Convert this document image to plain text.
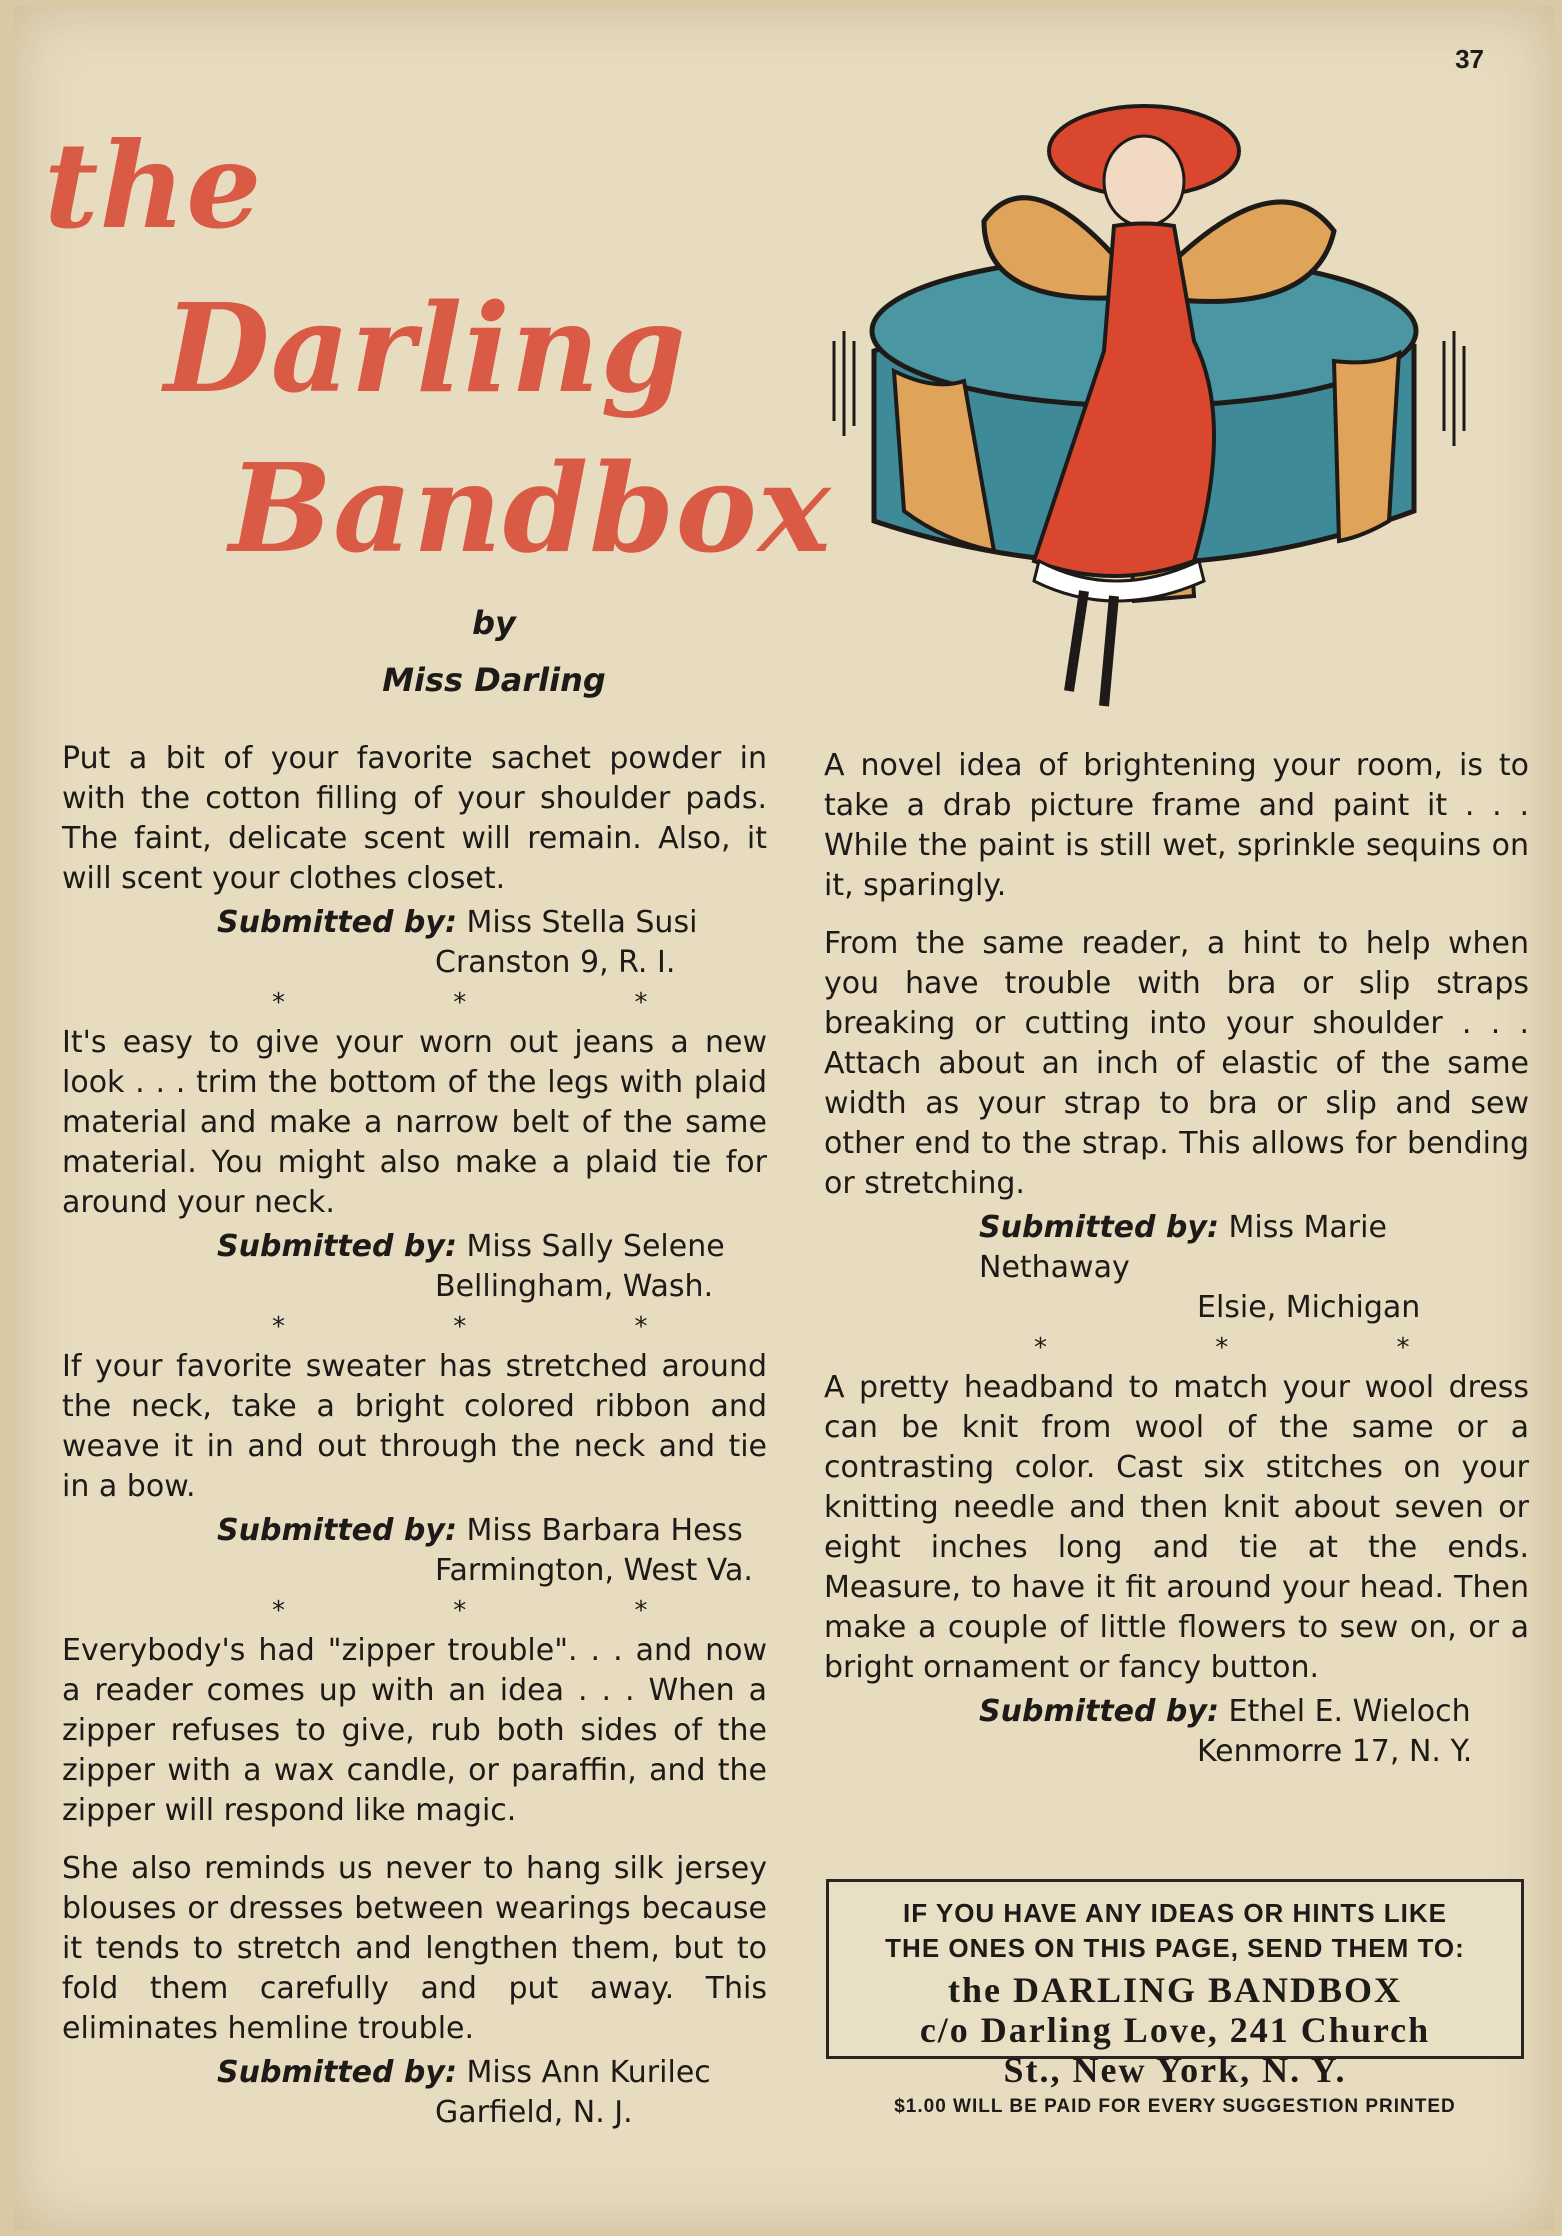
37
the
Darling
Bandbox
by
Miss Darling

Put a bit of your favorite sachet powder in with the cotton filling of your shoulder pads. The faint, delicate scent will remain. Also, it will scent your clothes closet.

Submitted by: Miss Stella Susi
Cranston 9, R. I.
* * *

It's easy to give your worn out jeans a new look . . . trim the bottom of the legs with plaid material and make a narrow belt of the same material. You might also make a plaid tie for around your neck.

Submitted by: Miss Sally Selene
Bellingham, Wash.
* * *

If your favorite sweater has stretched around the neck, take a bright colored ribbon and weave it in and out through the neck and tie in a bow.

Submitted by: Miss Barbara Hess
Farmington, West Va.
* * *

Everybody's had "zipper trouble". . . and now a reader comes up with an idea . . . When a zipper refuses to give, rub both sides of the zipper with a wax candle, or paraffin, and the zipper will respond like magic.

She also reminds us never to hang silk jersey blouses or dresses between wearings because it tends to stretch and lengthen them, but to fold them carefully and put away. This eliminates hemline trouble.

Submitted by: Miss Ann Kurilec
Garfield, N. J.

A novel idea of brightening your room, is to take a drab picture frame and paint it . . . While the paint is still wet, sprinkle sequins on it, sparingly.

From the same reader, a hint to help when you have trouble with bra or slip straps breaking or cutting into your shoulder . . . Attach about an inch of elastic of the same width as your strap to bra or slip and sew other end to the strap. This allows for bending or stretching.

Submitted by: Miss Marie Nethaway
Elsie, Michigan
* * *

A pretty headband to match your wool dress can be knit from wool of the same or a contrasting color. Cast six stitches on your knitting needle and then knit about seven or eight inches long and tie at the ends. Measure, to have it fit around your head. Then make a couple of little flowers to sew on, or a bright ornament or fancy button.

Submitted by: Ethel E. Wieloch
Kenmorre 17, N. Y.
IF YOU HAVE ANY IDEAS OR HINTS LIKE
THE ONES ON THIS PAGE, SEND THEM TO:
the DARLING BANDBOX
c/o Darling Love, 241 Church
St., New York, N. Y.
$1.00 WILL BE PAID FOR EVERY SUGGESTION PRINTED
